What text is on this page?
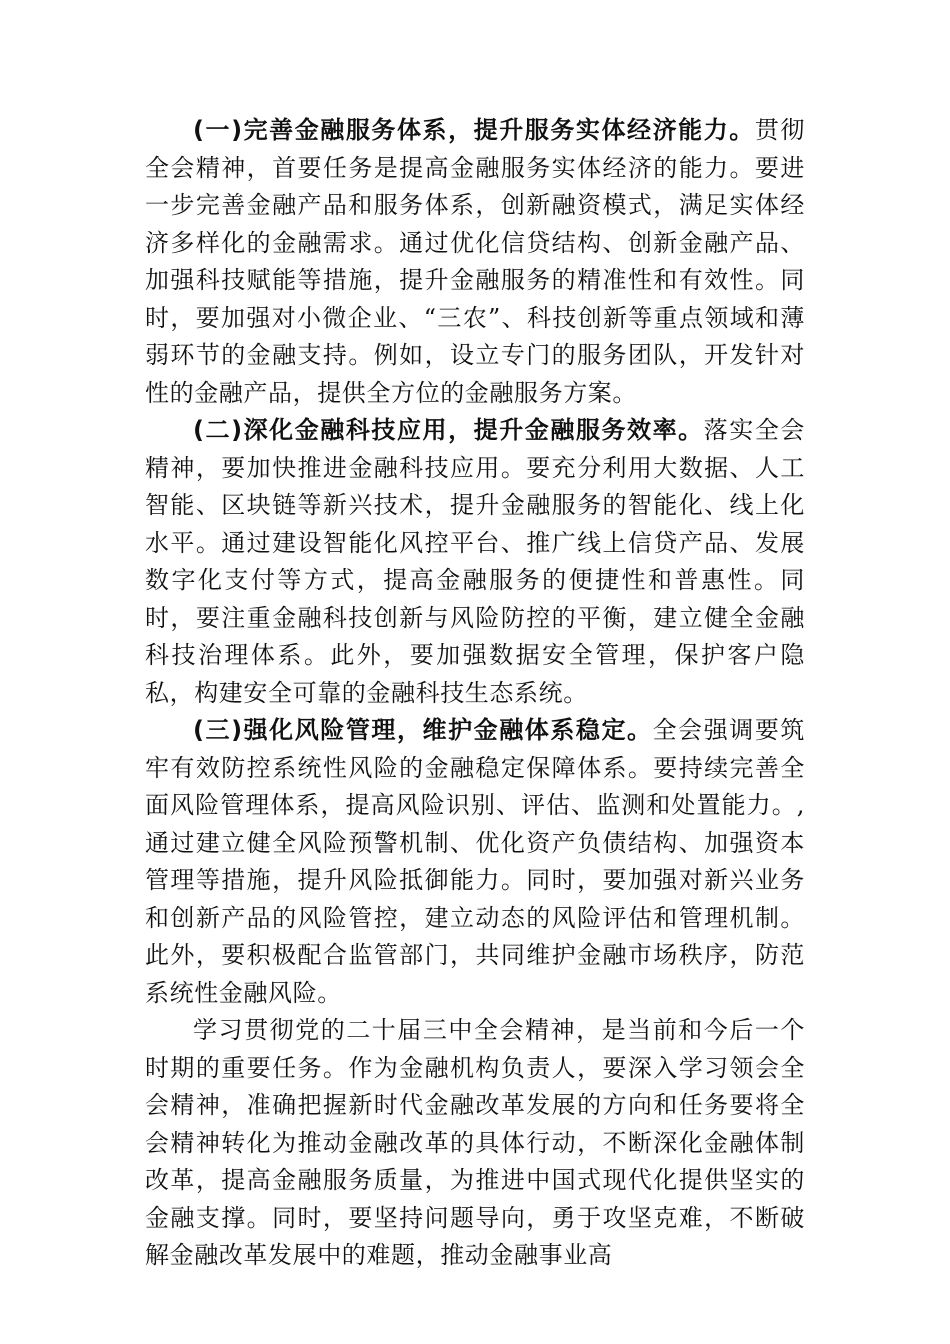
(一)完善金融服务体系，提升服务实体经济能力。贯彻全会精神，首要任务是提高金融服务实体经济的能力。要进一步完善金融产品和服务体系，创新融资模式，满足实体经济多样化的金融需求。通过优化信贷结构、创新金融产品、加强科技赋能等措施，提升金融服务的精准性和有效性。同时，要加强对小微企业、“三农”、科技创新等重点领域和薄弱环节的金融支持。例如，设立专门的服务团队，开发针对性的金融产品，提供全方位的金融服务方案。

(二)深化金融科技应用，提升金融服务效率。落实全会精神，要加快推进金融科技应用。要充分利用大数据、人工智能、区块链等新兴技术，提升金融服务的智能化、线上化水平。通过建设智能化风控平台、推广线上信贷产品、发展数字化支付等方式，提高金融服务的便捷性和普惠性。同时，要注重金融科技创新与风险防控的平衡，建立健全金融科技治理体系。此外，要加强数据安全管理，保护客户隐私，构建安全可靠的金融科技生态系统。

(三)强化风险管理，维护金融体系稳定。全会强调要筑牢有效防控系统性风险的金融稳定保障体系。要持续完善全面风险管理体系，提高风险识别、评估、监测和处置能力。,通过建立健全风险预警机制、优化资产负债结构、加强资本管理等措施，提升风险抵御能力。同时，要加强对新兴业务和创新产品的风险管控，建立动态的风险评估和管理机制。此外，要积极配合监管部门，共同维护金融市场秩序，防范系统性金融风险。

学习贯彻党的二十届三中全会精神，是当前和今后一个时期的重要任务。作为金融机构负责人，要深入学习领会全会精神，准确把握新时代金融改革发展的方向和任务要将全会精神转化为推动金融改革的具体行动，不断深化金融体制改革，提高金融服务质量，为推进中国式现代化提供坚实的金融支撑。同时，要坚持问题导向，勇于攻坚克难，不断破解金融改革发展中的难题，推动金融事业高
